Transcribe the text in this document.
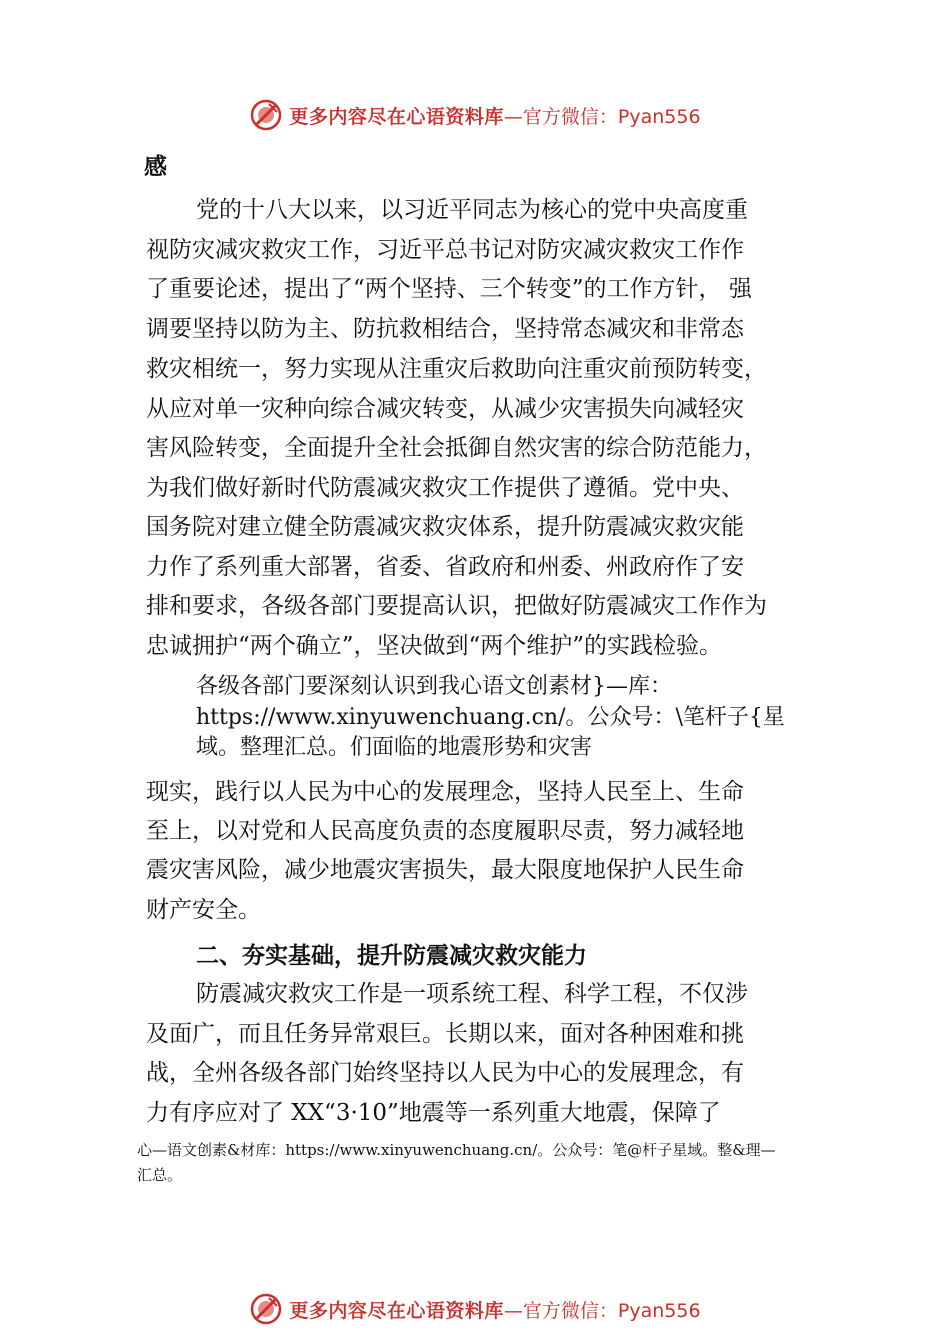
更多内容尽在心语资料库 —官方微信：Pyan556
感
党的十八大以来，以习近平同志为核心的党中央高度重
视防灾减灾救灾工作，习近平总书记对防灾减灾救灾工作作
了重要论述，提出了“两个坚持、三个转变”的工作方针， 强
调要坚持以防为主、防抗救相结合，坚持常态减灾和非常态
救灾相统一，努力实现从注重灾后救助向注重灾前预防转变，
从应对单一灾种向综合减灾转变，从减少灾害损失向减轻灾
害风险转变，全面提升全社会抵御自然灾害的综合防范能力，
为我们做好新时代防震减灾救灾工作提供了遵循。党中央、
国务院对建立健全防震减灾救灾体系，提升防震减灾救灾能
力作了系列重大部署，省委、省政府和州委、州政府作了安
排和要求，各级各部门要提高认识，把做好防震减灾工作作为
忠诚拥护“两个确立”，坚决做到“两个维护”的实践检验。
各级各部门要深刻认识到我心语文创素材}—库：
https://www.xinyuwenchuang.cn/。公众号：\笔杆子{星
域。整理汇总。们面临的地震形势和灾害
现实，践行以人民为中心的发展理念，坚持人民至上、生命
至上，以对党和人民高度负责的态度履职尽责，努力减轻地
震灾害风险，减少地震灾害损失，最大限度地保护人民生命
财产安全。
二、夯实基础，提升防震减灾救灾能力
防震减灾救灾工作是一项系统工程、科学工程，不仅涉
及面广，而且任务异常艰巨。长期以来，面对各种困难和挑
战，全州各级各部门始终坚持以人民为中心的发展理念，有
力有序应对了 XX“3·10”地震等一系列重大地震，保障了
心—语文创素&材库：https://www.xinyuwenchuang.cn/。公众号：笔@杆子星域。整&理—
汇总。
更多内容尽在心语资料库 —官方微信：Pyan556
